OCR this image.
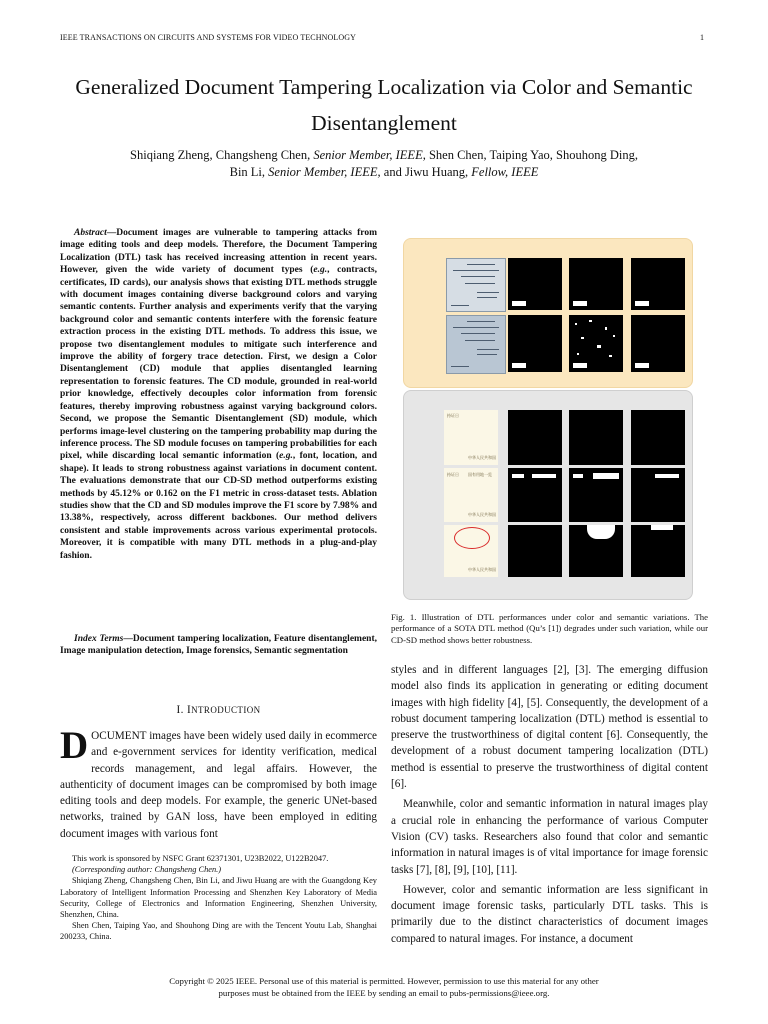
IEEE TRANSACTIONS ON CIRCUITS AND SYSTEMS FOR VIDEO TECHNOLOGY	1
Generalized Document Tampering Localization via Color and Semantic Disentanglement
Shiqiang Zheng, Changsheng Chen, Senior Member, IEEE, Shen Chen, Taiping Yao, Shouhong Ding,
Bin Li, Senior Member, IEEE, and Jiwu Huang, Fellow, IEEE

Abstract—Document images are vulnerable to tampering attacks from image editing tools and deep models. Therefore, the Document Tampering Localization (DTL) task has received increasing attention in recent years. However, given the wide variety of document types (e.g., contracts, certificates, ID cards), our analysis shows that existing DTL methods struggle with document images containing diverse background colors and varying semantic contents. Further analysis and experiments verify that the varying background color and semantic contents interfere with the forensic feature extraction process in the existing DTL methods. To address this issue, we propose two disentanglement modules to mitigate such interference and improve the ability of forgery trace detection. First, we design a Color Disentanglement (CD) module that applies disentangled learning representation to forensic features. The CD module, grounded in real-world prior knowledge, effectively decouples color information from forensic features, thereby improving robustness against varying background colors. Second, we propose the Semantic Disentanglement (SD) module, which performs image-level clustering on the tampering probability map during the inference process. The SD module focuses on tampering probabilities for each pixel, while discarding local semantic information (e.g., font, location, and shape). It leads to strong robustness against variations in document content. The evaluations demonstrate that our CD-SD method outperforms existing methods by 45.12% or 0.162 on the F1 metric in cross-dataset tests. Ablation studies show that the CD and SD modules improve the F1 score by 7.98% and 13.38%, respectively, across different backbones. Our method delivers consistent and stable improvements across various experimental protocols. Moreover, it is compatible with many DTL methods in a plug-and-play fashion.

Index Terms—Document tampering localization, Feature disentanglement, Image manipulation detection, Image forensics, Semantic segmentation

I. INTRODUCTION

DOCUMENT images have been widely used daily in ecommerce and e-government services for identity verification, medical records management, and legal affairs. However, the authenticity of document images can be compromised by both image editing tools and deep models. For example, the generic UNet-based networks, trained by GAN loss, have been employed in editing document images with various font

This work is sponsored by NSFC Grant 62371301, U23B2022, U122B2047.

(Corresponding author: Changsheng Chen.)

Shiqiang Zheng, Changsheng Chen, Bin Li, and Jiwu Huang are with the Guangdong Key Laboratory of Intelligent Information Processing and Shenzhen Key Laboratory of Media Security, College of Electronics and Information Engineering, Shenzhen University, Shenzhen, China.

Shen Chen, Taiping Yao, and Shouhong Ding are with the Tencent Youtu Lab, Shanghai 200233, China.

持证日
中华人民共和国
持证日 国有用地一览
中华人民共和国
中华人民共和国

Fig. 1. Illustration of DTL performances under color and semantic variations. The performance of a SOTA DTL method (Qu’s [1]) degrades under such variation, while our CD-SD method shows better robustness.

styles and in different languages [2], [3]. The emerging diffusion model also finds its application in generating or editing document images with high fidelity [4], [5]. Consequently, the development of a robust document tampering localization (DTL) method is essential to preserve the trustworthiness of digital content [6]. Consequently, the development of a robust document tampering localization (DTL) method is essential to preserve the trustworthiness of digital content [6].

Meanwhile, color and semantic information in natural images play a crucial role in enhancing the performance of various Computer Vision (CV) tasks. Researchers also found that color and semantic information in natural images is of vital importance for image forensic tasks [7], [8], [9], [10], [11].

However, color and semantic information are less significant in document image forensic tasks, particularly DTL tasks. This is primarily due to the distinct characteristics of document images compared to natural images. For instance, a document

Copyright © 2025 IEEE. Personal use of this material is permitted. However, permission to use this material for any other
purposes must be obtained from the IEEE by sending an email to pubs-permissions@ieee.org.
